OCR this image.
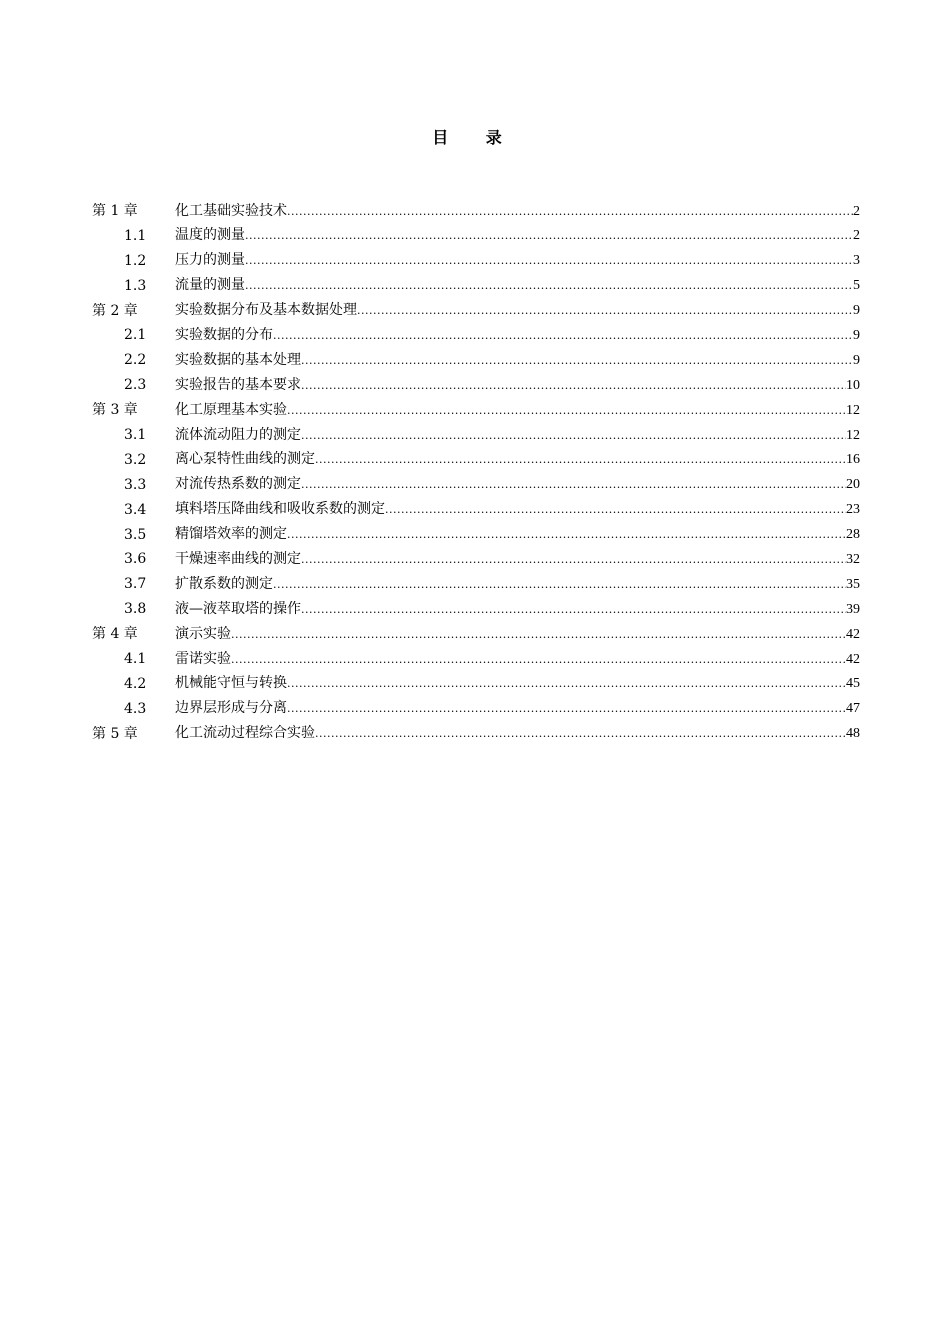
目 录
第 1 章	化工基础实验技术 .....	2
1.1	温度的测量 .....	2
1.2	压力的测量 .....	3
1.3	流量的测量 .....	5
第 2 章	实验数据分布及基本数据处理 .....	9
2.1	实验数据的分布 .....	9
2.2	实验数据的基本处理 .....	9
2.3	实验报告的基本要求 .....	10
第 3 章	化工原理基本实验 .....	12
3.1	流体流动阻力的测定 .....	12
3.2	离心泵特性曲线的测定 .....	16
3.3	对流传热系数的测定 .....	20
3.4	填料塔压降曲线和吸收系数的测定 .....	23
3.5	精馏塔效率的测定 .....	28
3.6	干燥速率曲线的测定 .....	32
3.7	扩散系数的测定 .....	35
3.8	液—液萃取塔的操作 .....	39
第 4 章	演示实验 .....	42
4.1	雷诺实验 .....	42
4.2	机械能守恒与转换 .....	45
4.3	边界层形成与分离 .....	47
第 5 章	化工流动过程综合实验 .....	48
